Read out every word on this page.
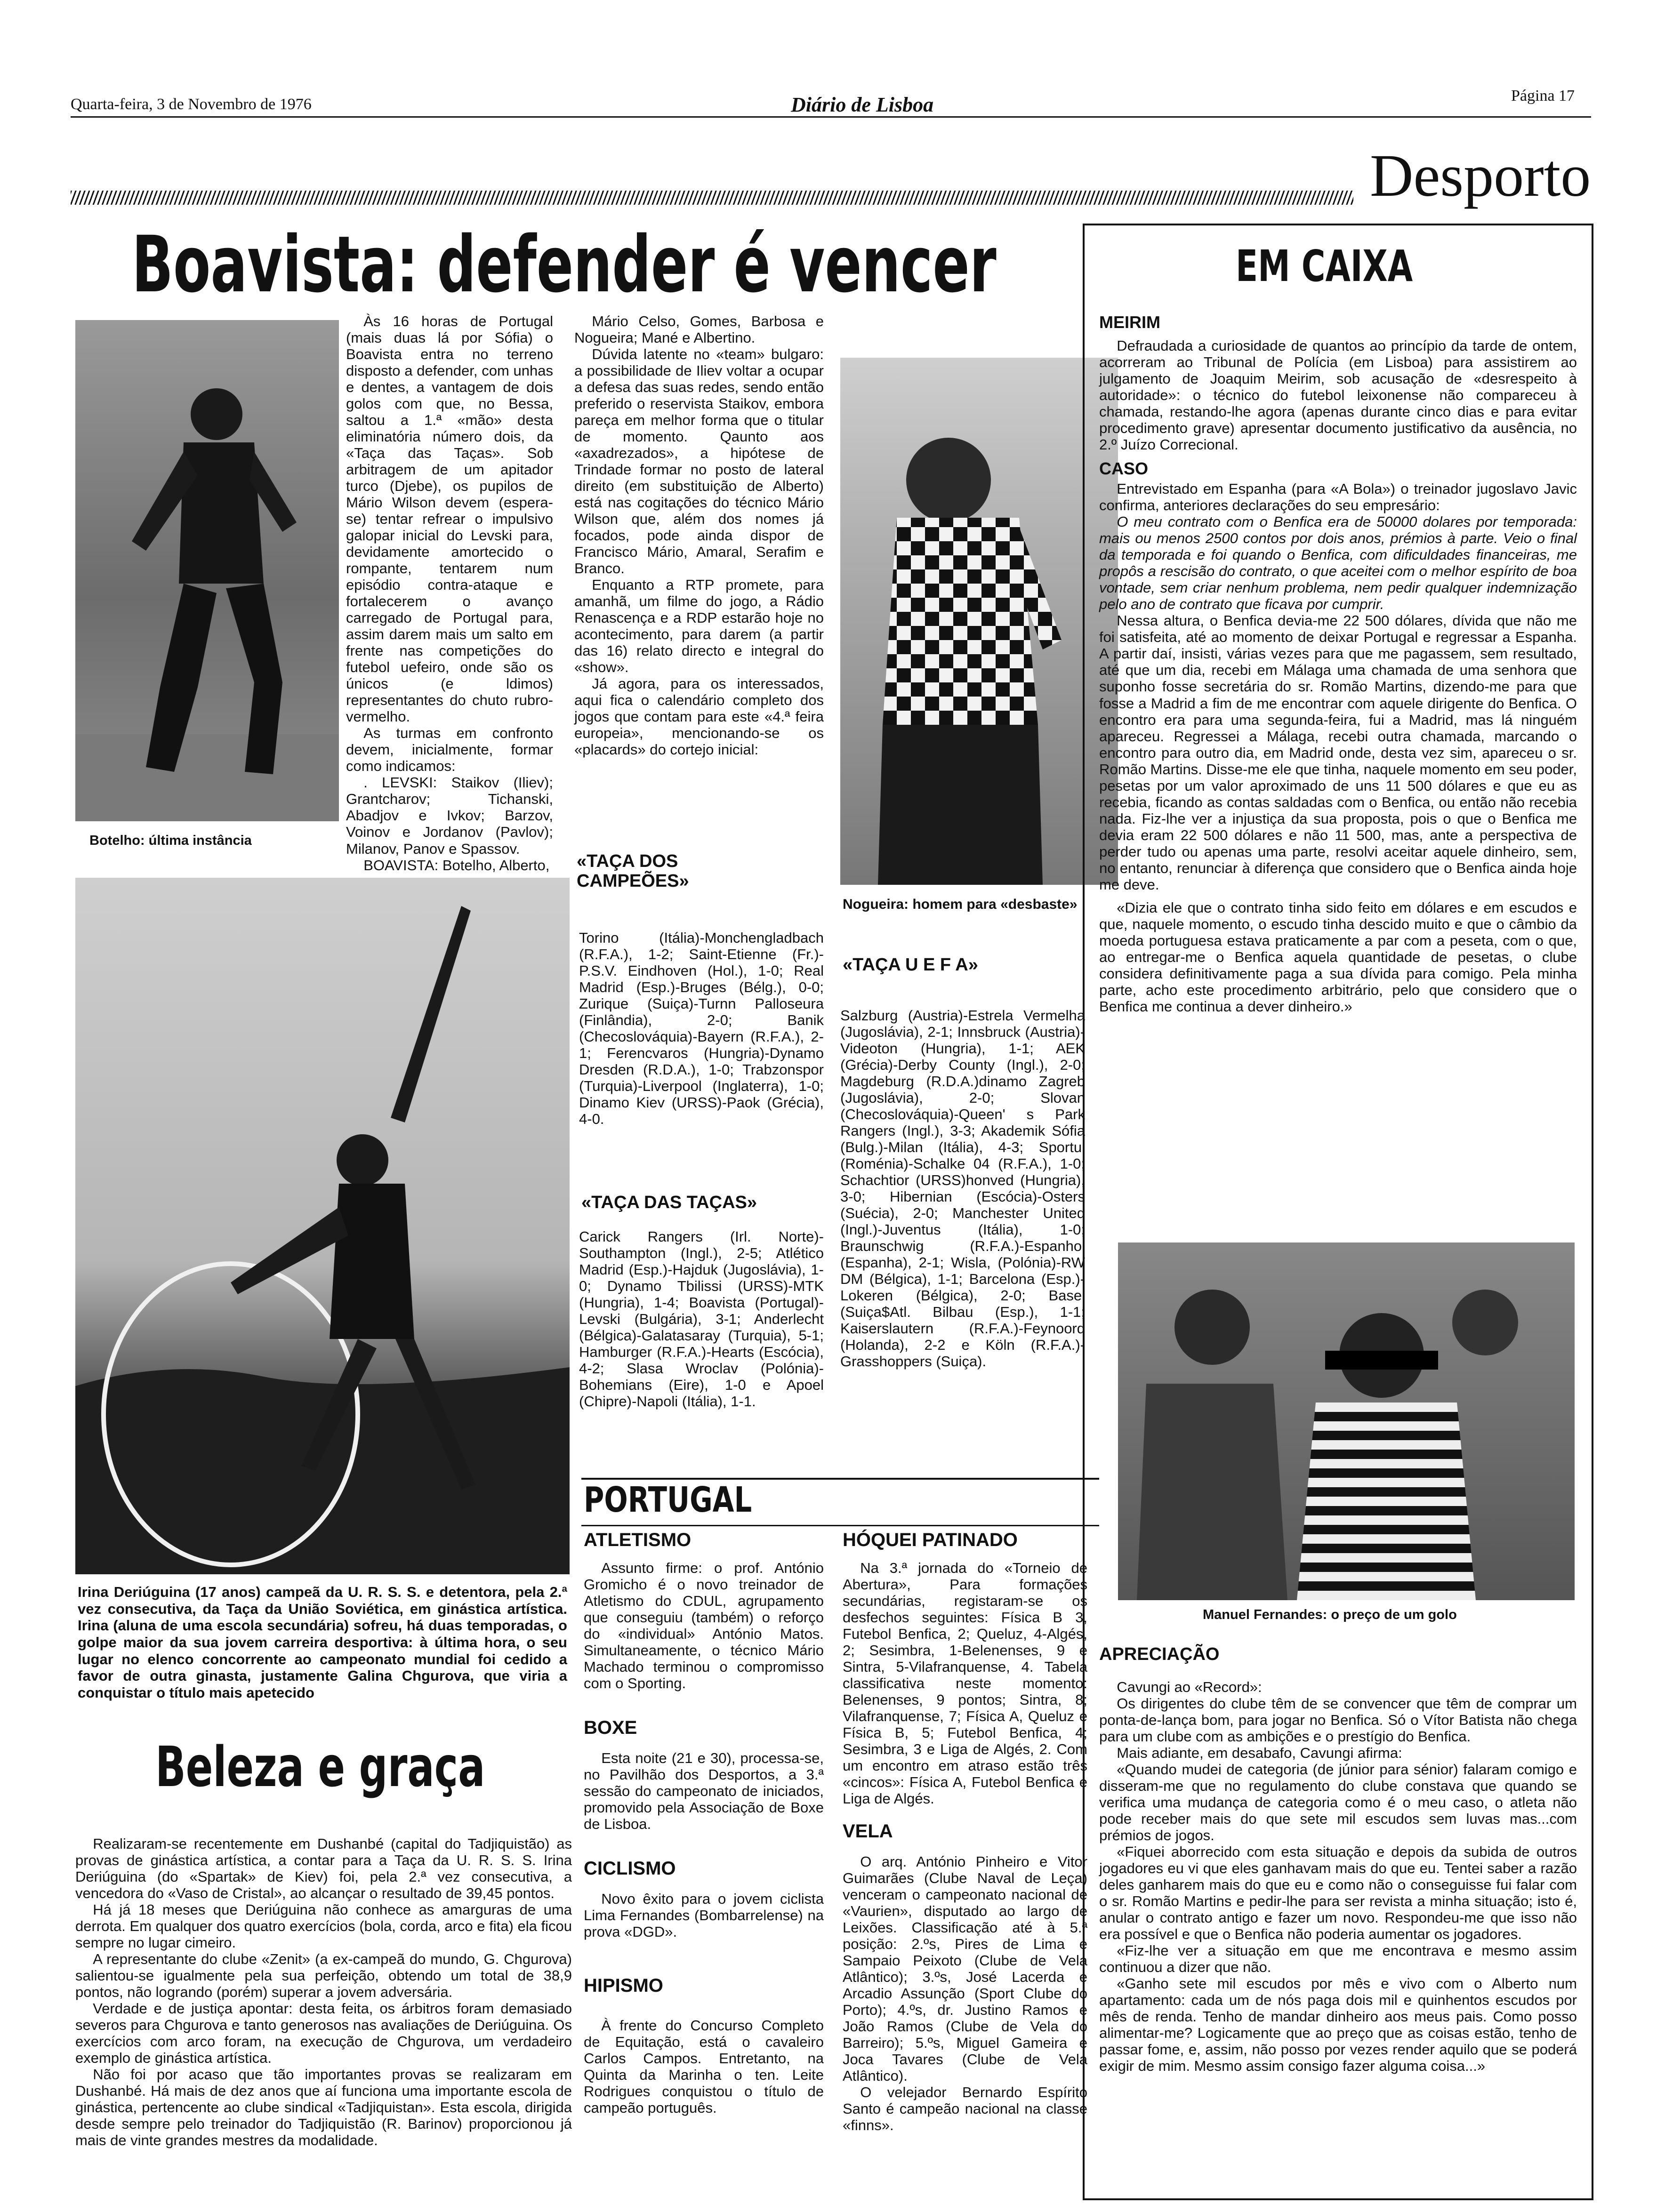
Quarta-feira, 3 de Novembro de 1976	Diário de Lisboa	Página 17
Desporto
Boavista: defender é vencer
Botelho: última instância

Às 16 horas de Portugal (mais duas lá por Sófia) o Boavista entra no terreno disposto a defender, com unhas e dentes, a vantagem de dois golos com que, no Bessa, saltou a 1.ª «mão» desta eliminatória número dois, da «Taça das Taças». Sob arbitragem de um apitador turco (Djebe), os pupilos de Mário Wilson devem (espera-se) tentar refrear o impulsivo galopar inicial do Levski para, devidamente amortecido o rompante, tentarem num episódio contra-ataque e fortalecerem o avanço carregado de Portugal para, assim darem mais um salto em frente nas competições do futebol uefeiro, onde são os únicos (e ldimos) representantes do chuto rubro-vermelho.

As turmas em confronto devem, inicialmente, formar como indicamos:

. LEVSKI: Staikov (Iliev); Grantcharov; Tichanski, Abadjov e Ivkov; Barzov, Voinov e Jordanov (Pavlov); Milanov, Panov e Spassov.

BOAVISTA: Botelho, Alberto,

Mário Celso, Gomes, Barbosa e Nogueira; Mané e Albertino.

Dúvida latente no «team» bulgaro: a possibilidade de Iliev voltar a ocupar a defesa das suas redes, sendo então preferido o reservista Staikov, embora pareça em melhor forma que o titular de momento. Qaunto aos «axadrezados», a hipótese de Trindade formar no posto de lateral direito (em substituição de Alberto) está nas cogitações do técnico Mário Wilson que, além dos nomes já focados, pode ainda dispor de Francisco Mário, Amaral, Serafim e Branco.

Enquanto a RTP promete, para amanhã, um filme do jogo, a Rádio Renascença e a RDP estarão hoje no acontecimento, para darem (a partir das 16) relato directo e integral do «show».

Já agora, para os interessados, aqui fica o calendário completo dos jogos que contam para este «4.ª feira europeia», mencionando-se os «placards» do cortejo inicial:

Nogueira: homem para «desbaste»
«TAÇA DOS CAMPEÕES»
Torino (Itália)-Monchengladbach (R.F.A.), 1-2; Saint-Etienne (Fr.)-P.S.V. Eindhoven (Hol.), 1-0; Real Madrid (Esp.)-Bruges (Bélg.), 0-0; Zurique (Suiça)-Turnn Palloseura (Finlândia), 2-0; Banik (Checoslováquia)-Bayern (R.F.A.), 2-1; Ferencvaros (Hungria)-Dynamo Dresden (R.D.A.), 1-0; Trabzonspor (Turquia)-Liverpool (Inglaterra), 1-0; Dinamo Kiev (URSS)-Paok (Grécia), 4-0.
«TAÇA DAS TAÇAS»
Carick Rangers (Irl. Norte)-Southampton (Ingl.), 2-5; Atlético Madrid (Esp.)-Hajduk (Jugoslávia), 1-0; Dynamo Tbilissi (URSS)-MTK (Hungria), 1-4; Boavista (Portugal)-Levski (Bulgária), 3-1; Anderlecht (Bélgica)-Galatasaray (Turquia), 5-1; Hamburger (R.F.A.)-Hearts (Escócia), 4-2; Slasa Wroclav (Polónia)-Bohemians (Eire), 1-0 e Apoel (Chipre)-Napoli (Itália), 1-1.
«TAÇA U E F A»
Salzburg (Austria)-Estrela Vermelha (Jugoslávia), 2-1; Innsbruck (Austria)-Videoton (Hungria), 1-1; AEK (Grécia)-Derby County (Ingl.), 2-0; Magdeburg (R.D.A.)dinamo Zagreb (Jugoslávia), 2-0; Slovan (Checoslováquia)-Queen' s Park Rangers (Ingl.), 3-3; Akademik Sófia (Bulg.)-Milan (Itália), 4-3; Sportul (Roménia)-Schalke 04 (R.F.A.), 1-0; Schachtior (URSS)honved (Hungria), 3-0; Hibernian (Escócia)-Osters (Suécia), 2-0; Manchester United (Ingl.)-Juventus (Itália), 1-0; Braunschwig (R.F.A.)-Espanhol (Espanha), 2-1; Wisla, (Polónia)-RW DM (Bélgica), 1-1; Barcelona (Esp.)-Lokeren (Bélgica), 2-0; Basel (Suiça$Atl. Bilbau (Esp.), 1-1; Kaiserslautern (R.F.A.)-Feynoord (Holanda), 2-2 e Köln (R.F.A.)-Grasshoppers (Suiça).
Irina Deriúguina (17 anos) campeã da U. R. S. S. e detentora, pela 2.ª vez consecutiva, da Taça da União Soviética, em ginástica artística. Irina (aluna de uma escola secundária) sofreu, há duas temporadas, o golpe maior da sua jovem carreira desportiva: à última hora, o seu lugar no elenco concorrente ao campeonato mundial foi cedido a favor de outra ginasta, justamente Galina Chgurova, que viria a conquistar o título mais apetecido
Beleza e graça

Realizaram-se recentemente em Dushanbé (capital do Tadjiquistão) as provas de ginástica artística, a contar para a Taça da U. R. S. S. Irina Deriúguina (do «Spartak» de Kiev) foi, pela 2.ª vez consecutiva, a vencedora do «Vaso de Cristal», ao alcançar o resultado de 39,45 pontos.

Há já 18 meses que Deriúguina não conhece as amarguras de uma derrota. Em qualquer dos quatro exercícios (bola, corda, arco e fita) ela ficou sempre no lugar cimeiro.

A representante do clube «Zenit» (a ex-campeã do mundo, G. Chgurova) salientou-se igualmente pela sua perfeição, obtendo um total de 38,9 pontos, não logrando (porém) superar a jovem adversária.

Verdade e de justiça apontar: desta feita, os árbitros foram demasiado severos para Chgurova e tanto generosos nas avaliações de Deriúguina. Os exercícios com arco foram, na execução de Chgurova, um verdadeiro exemplo de ginástica artística.

Não foi por acaso que tão importantes provas se realizaram em Dushanbé. Há mais de dez anos que aí funciona uma importante escola de ginástica, pertencente ao clube sindical «Tadjiquistan». Esta escola, dirigida desde sempre pelo treinador do Tadjiquistão (R. Barinov) proporcionou já mais de vinte grandes mestres da modalidade.

PORTUGAL
ATLETISMO

Assunto firme: o prof. António Gromicho é o novo treinador de Atletismo do CDUL, agrupamento que conseguiu (também) o reforço do «individual» António Matos. Simultaneamente, o técnico Mário Machado terminou o compromisso com o Sporting.

BOXE

Esta noite (21 e 30), processa-se, no Pavilhão dos Desportos, a 3.ª sessão do campeonato de iniciados, promovido pela Associação de Boxe de Lisboa.

CICLISMO

Novo êxito para o jovem ciclista Lima Fernandes (Bombarrelense) na prova «DGD».

HIPISMO

À frente do Concurso Completo de Equitação, está o cavaleiro Carlos Campos. Entretanto, na Quinta da Marinha o ten. Leite Rodrigues conquistou o título de campeão português.

HÓQUEI PATINADO

Na 3.ª jornada do «Torneio de Abertura», Para formações secundárias, registaram-se os desfechos seguintes: Física B 3, Futebol Benfica, 2; Queluz, 4-Algés, 2; Sesimbra, 1-Belenenses, 9 e Sintra, 5-Vilafranquense, 4. Tabela classificativa neste momento: Belenenses, 9 pontos; Sintra, 8; Vilafranquense, 7; Física A, Queluz e Física B, 5; Futebol Benfica, 4; Sesimbra, 3 e Liga de Algés, 2. Com um encontro em atraso estão três «cincos»: Física A, Futebol Benfica e Liga de Algés.

VELA

O arq. António Pinheiro e Vitor Guimarães (Clube Naval de Leça) venceram o campeonato nacional de «Vaurien», disputado ao largo de Leixões. Classificação até à 5.ª posição: 2.ºs, Pires de Lima e Sampaio Peixoto (Clube de Vela Atlântico); 3.ºs, José Lacerda e Arcadio Assunção (Sport Clube do Porto); 4.ºs, dr. Justino Ramos e João Ramos (Clube de Vela do Barreiro); 5.ºs, Miguel Gameira e Joca Tavares (Clube de Vela Atlântico).

O velejador Bernardo Espírito Santo é campeão nacional na classe «finns».

EM CAIXA
MEIRIM

Defraudada a curiosidade de quantos ao princípio da tarde de ontem, acorreram ao Tribunal de Polícia (em Lisboa) para assistirem ao julgamento de Joaquim Meirim, sob acusação de «desrespeito à autoridade»: o técnico do futebol leixonense não compareceu à chamada, restando-lhe agora (apenas durante cinco dias e para evitar procedimento grave) apresentar documento justificativo da ausência, no 2.º Juízo Correcional.

CASO

Entrevistado em Espanha (para «A Bola») o treinador jugoslavo Javic confirma, anteriores declarações do seu empresário:

O meu contrato com o Benfica era de 50000 dolares por temporada: mais ou menos 2500 contos por dois anos, prémios à parte. Veio o final da temporada e foi quando o Benfica, com dificuldades financeiras, me propôs a rescisão do contrato, o que aceitei com o melhor espírito de boa vontade, sem criar nenhum problema, nem pedir qualquer indemnização pelo ano de contrato que ficava por cumprir.

Nessa altura, o Benfica devia-me 22 500 dólares, dívida que não me foi satisfeita, até ao momento de deixar Portugal e regressar a Espanha. A partir daí, insisti, várias vezes para que me pagassem, sem resultado, até que um dia, recebi em Málaga uma chamada de uma senhora que suponho fosse secretária do sr. Romão Martins, dizendo-me para que fosse a Madrid a fim de me encontrar com aquele dirigente do Benfica. O encontro era para uma segunda-feira, fui a Madrid, mas lá ninguém apareceu. Regressei a Málaga, recebi outra chamada, marcando o encontro para outro dia, em Madrid onde, desta vez sim, apareceu o sr. Romão Martins. Disse-me ele que tinha, naquele momento em seu poder, pesetas por um valor aproximado de uns 11 500 dólares e que eu as recebia, ficando as contas saldadas com o Benfica, ou então não recebia nada. Fiz-lhe ver a injustiça da sua proposta, pois o que o Benfica me devia eram 22 500 dólares e não 11 500, mas, ante a perspectiva de perder tudo ou apenas uma parte, resolvi aceitar aquele dinheiro, sem, no entanto, renunciar à diferença que considero que o Benfica ainda hoje me deve.

«Dizia ele que o contrato tinha sido feito em dólares e em escudos e que, naquele momento, o escudo tinha descido muito e que o câmbio da moeda portuguesa estava praticamente a par com a peseta, com o que, ao entregar-me o Benfica aquela quantidade de pesetas, o clube considera definitivamente paga a sua dívida para comigo. Pela minha parte, acho este procedimento arbitrário, pelo que considero que o Benfica me continua a dever dinheiro.»

Manuel Fernandes: o preço de um golo
APRECIAÇÃO

Cavungi ao «Record»:

Os dirigentes do clube têm de se convencer que têm de comprar um ponta-de-lança bom, para jogar no Benfica. Só o Vítor Batista não chega para um clube com as ambições e o prestígio do Benfica.

Mais adiante, em desabafo, Cavungi afirma:

«Quando mudei de categoria (de júnior para sénior) falaram comigo e disseram-me que no regulamento do clube constava que quando se verifica uma mudança de categoria como é o meu caso, o atleta não pode receber mais do que sete mil escudos sem luvas mas...com prémios de jogos.

«Fiquei aborrecido com esta situação e depois da subida de outros jogadores eu vi que eles ganhavam mais do que eu. Tentei saber a razão deles ganharem mais do que eu e como não o conseguisse fui falar com o sr. Romão Martins e pedir-lhe para ser revista a minha situação; isto é, anular o contrato antigo e fazer um novo. Respondeu-me que isso não era possível e que o Benfica não poderia aumentar os jogadores.

«Fiz-lhe ver a situação em que me encontrava e mesmo assim continuou a dizer que não.

«Ganho sete mil escudos por mês e vivo com o Alberto num apartamento: cada um de nós paga dois mil e quinhentos escudos por mês de renda. Tenho de mandar dinheiro aos meus pais. Como posso alimentar-me? Logicamente que ao preço que as coisas estão, tenho de passar fome, e, assim, não posso por vezes render aquilo que se poderá exigir de mim. Mesmo assim consigo fazer alguma coisa...»
